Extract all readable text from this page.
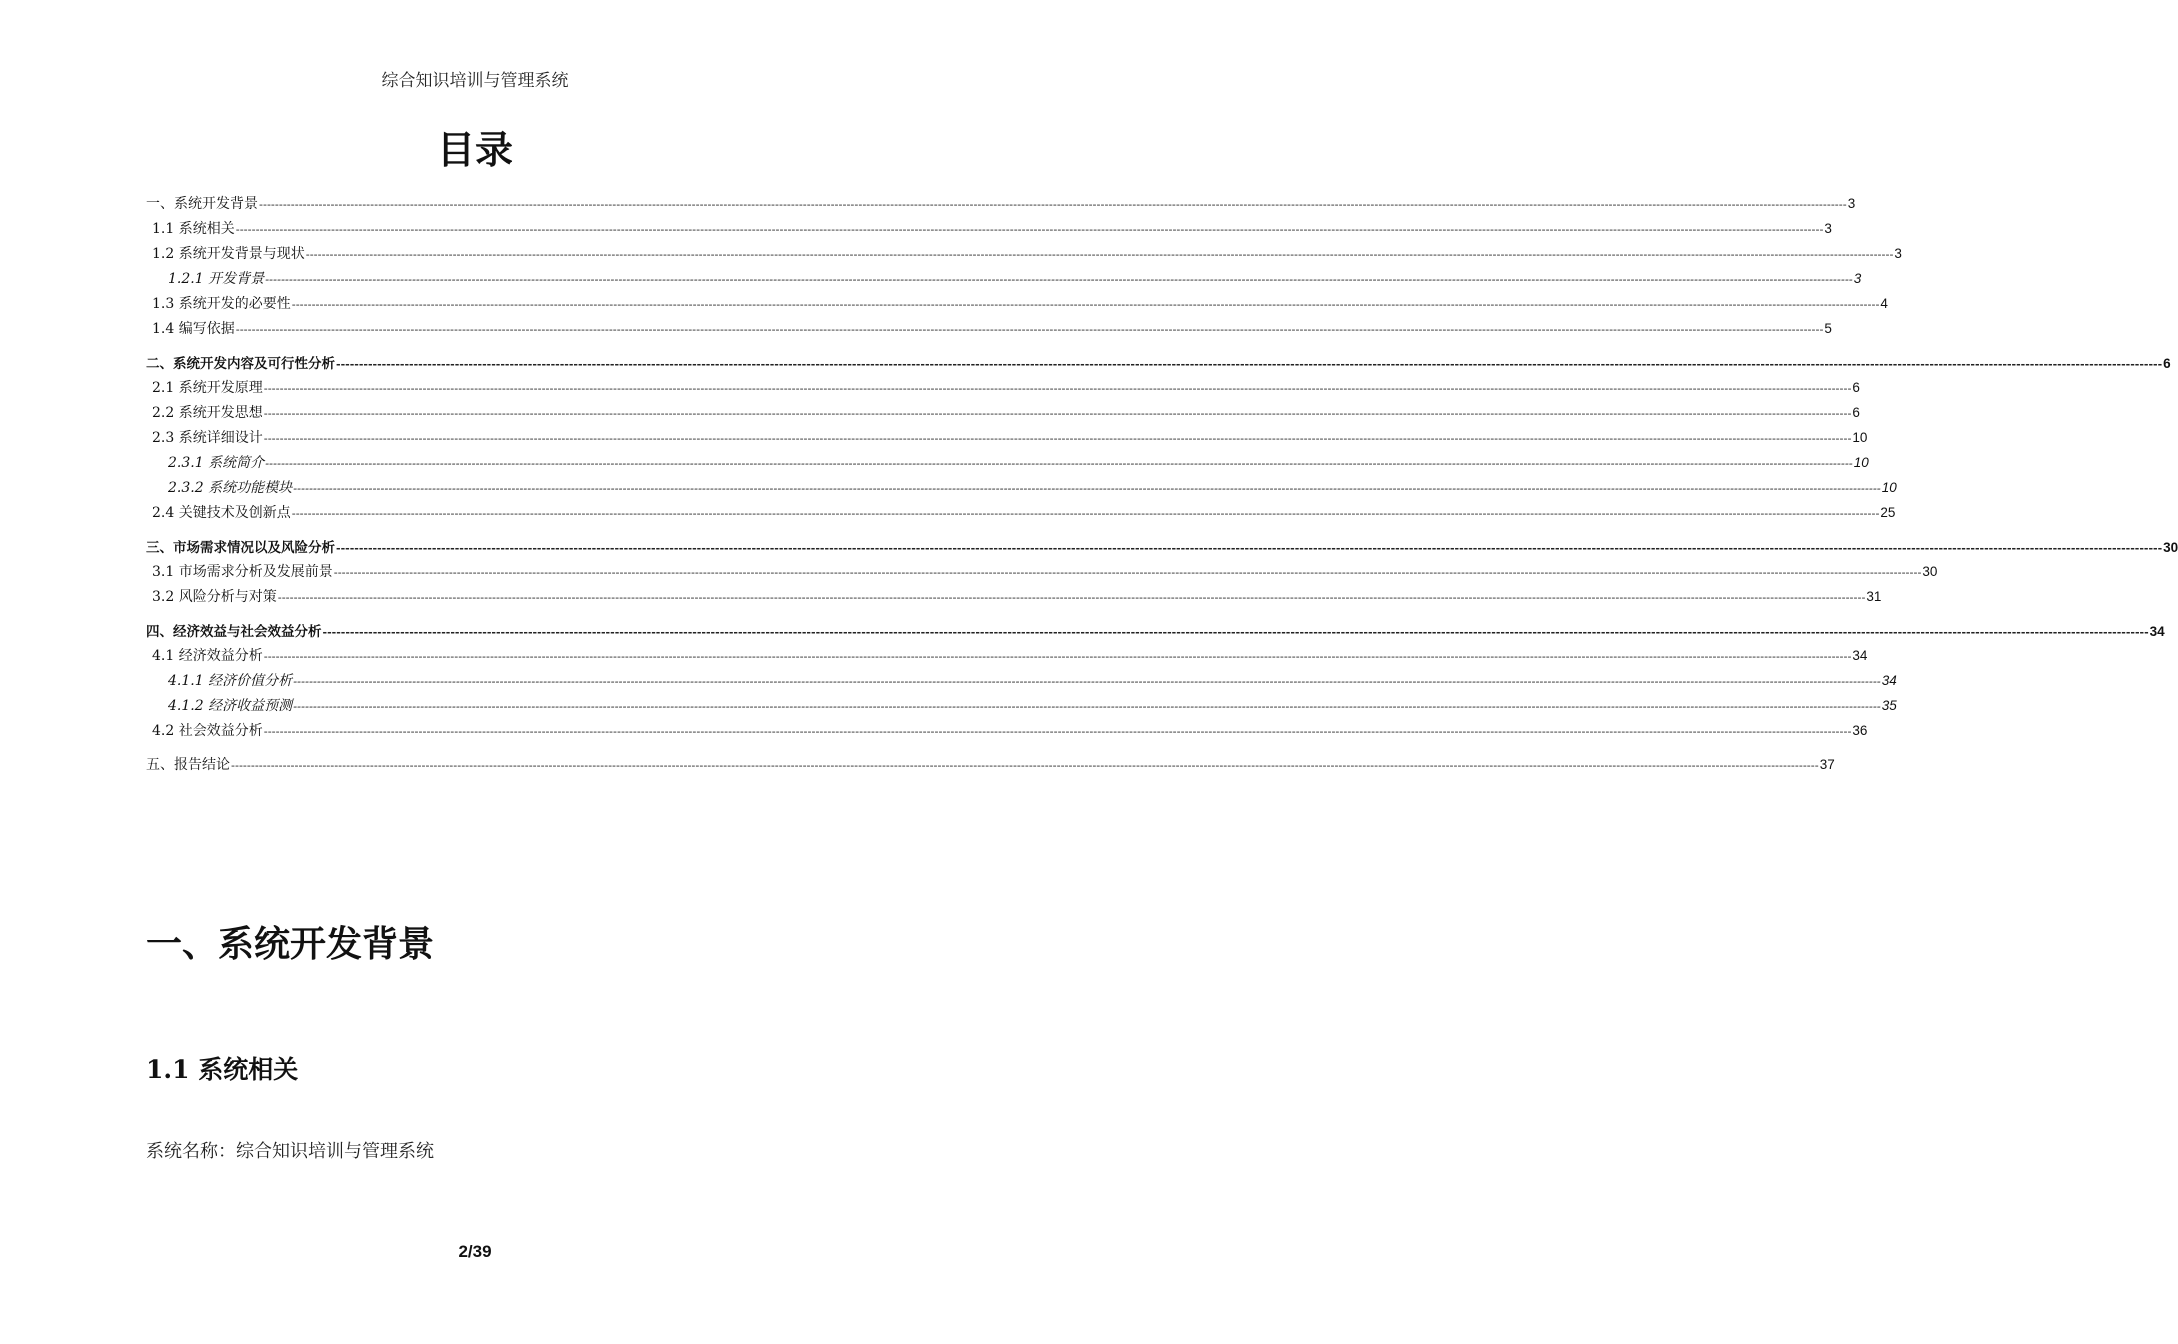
综合知识培训与管理系统
目录
一、系统开发背景 ---------------------------------------------------------------------------------------------------------------------------------------------------------------------------------------------------------------------------------------------------------------------------------------------------------------------------------------------------------------------------------------------------------------- 3
1.1 系统相关 ---------------------------------------------------------------------------------------------------------------------------------------------------------------------------------------------------------------------------------------------------------------------------------------------------------------------------------------------------------------------------------------------------------------- 3
1.2 系统开发背景与现状 ---------------------------------------------------------------------------------------------------------------------------------------------------------------------------------------------------------------------------------------------------------------------------------------------------------------------------------------------------------------------------------------------------------------- 3
1.2.1 开发背景 ---------------------------------------------------------------------------------------------------------------------------------------------------------------------------------------------------------------------------------------------------------------------------------------------------------------------------------------------------------------------------------------------------------------- 3
1.3 系统开发的必要性 ---------------------------------------------------------------------------------------------------------------------------------------------------------------------------------------------------------------------------------------------------------------------------------------------------------------------------------------------------------------------------------------------------------------- 4
1.4 编写依据 ---------------------------------------------------------------------------------------------------------------------------------------------------------------------------------------------------------------------------------------------------------------------------------------------------------------------------------------------------------------------------------------------------------------- 5
二、系统开发内容及可行性分析 ---------------------------------------------------------------------------------------------------------------------------------------------------------------------------------------------------------------------------------------------------------------------------------------------------------------------------------------------------------------------------------------------------------------- 6
2.1 系统开发原理 ---------------------------------------------------------------------------------------------------------------------------------------------------------------------------------------------------------------------------------------------------------------------------------------------------------------------------------------------------------------------------------------------------------------- 6
2.2 系统开发思想 ---------------------------------------------------------------------------------------------------------------------------------------------------------------------------------------------------------------------------------------------------------------------------------------------------------------------------------------------------------------------------------------------------------------- 6
2.3 系统详细设计 ---------------------------------------------------------------------------------------------------------------------------------------------------------------------------------------------------------------------------------------------------------------------------------------------------------------------------------------------------------------------------------------------------------------- 10
2.3.1 系统简介 ---------------------------------------------------------------------------------------------------------------------------------------------------------------------------------------------------------------------------------------------------------------------------------------------------------------------------------------------------------------------------------------------------------------- 10
2.3.2 系统功能模块 ---------------------------------------------------------------------------------------------------------------------------------------------------------------------------------------------------------------------------------------------------------------------------------------------------------------------------------------------------------------------------------------------------------------- 10
2.4 关键技术及创新点 ---------------------------------------------------------------------------------------------------------------------------------------------------------------------------------------------------------------------------------------------------------------------------------------------------------------------------------------------------------------------------------------------------------------- 25
三、市场需求情况以及风险分析 ---------------------------------------------------------------------------------------------------------------------------------------------------------------------------------------------------------------------------------------------------------------------------------------------------------------------------------------------------------------------------------------------------------------- 30
3.1 市场需求分析及发展前景 ---------------------------------------------------------------------------------------------------------------------------------------------------------------------------------------------------------------------------------------------------------------------------------------------------------------------------------------------------------------------------------------------------------------- 30
3.2 风险分析与对策 ---------------------------------------------------------------------------------------------------------------------------------------------------------------------------------------------------------------------------------------------------------------------------------------------------------------------------------------------------------------------------------------------------------------- 31
四、经济效益与社会效益分析 ---------------------------------------------------------------------------------------------------------------------------------------------------------------------------------------------------------------------------------------------------------------------------------------------------------------------------------------------------------------------------------------------------------------- 34
4.1 经济效益分析 ---------------------------------------------------------------------------------------------------------------------------------------------------------------------------------------------------------------------------------------------------------------------------------------------------------------------------------------------------------------------------------------------------------------- 34
4.1.1 经济价值分析 ---------------------------------------------------------------------------------------------------------------------------------------------------------------------------------------------------------------------------------------------------------------------------------------------------------------------------------------------------------------------------------------------------------------- 34
4.1.2 经济收益预测 ---------------------------------------------------------------------------------------------------------------------------------------------------------------------------------------------------------------------------------------------------------------------------------------------------------------------------------------------------------------------------------------------------------------- 35
4.2 社会效益分析 ---------------------------------------------------------------------------------------------------------------------------------------------------------------------------------------------------------------------------------------------------------------------------------------------------------------------------------------------------------------------------------------------------------------- 36
五、报告结论 ---------------------------------------------------------------------------------------------------------------------------------------------------------------------------------------------------------------------------------------------------------------------------------------------------------------------------------------------------------------------------------------------------------------- 37
一、系统开发背景
1.1 系统相关

系统名称：综合知识培训与管理系统

2/39
